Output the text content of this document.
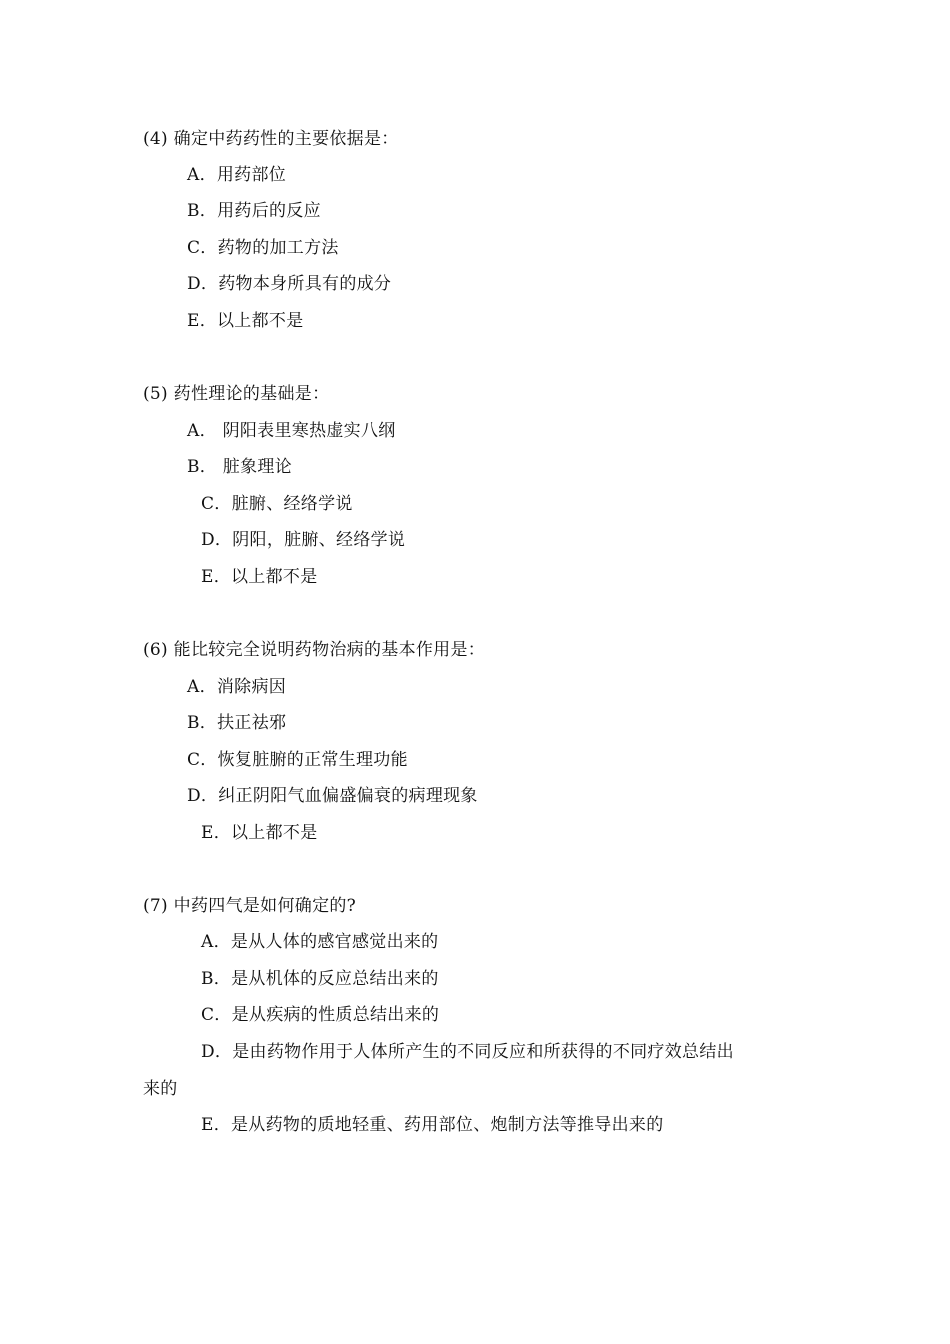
(4) 确定中药药性的主要依据是：
A．用药部位
B．用药后的反应
C．药物的加工方法
D．药物本身所具有的成分
E．以上都不是
(5) 药性理论的基础是：
A． 阴阳表里寒热虚实八纲
B． 脏象理论
C．脏腑、经络学说
D．阴阳，脏腑、经络学说
E．以上都不是
(6) 能比较完全说明药物治病的基本作用是：
A．消除病因
B．扶正祛邪
C．恢复脏腑的正常生理功能
D．纠正阴阳气血偏盛偏衰的病理现象
E．以上都不是
(7) 中药四气是如何确定的?
A．是从人体的感官感觉出来的
B．是从机体的反应总结出来的
C．是从疾病的性质总结出来的
D．是由药物作用于人体所产生的不同反应和所获得的不同疗效总结出
来的
E．是从药物的质地轻重、药用部位、炮制方法等推导出来的
